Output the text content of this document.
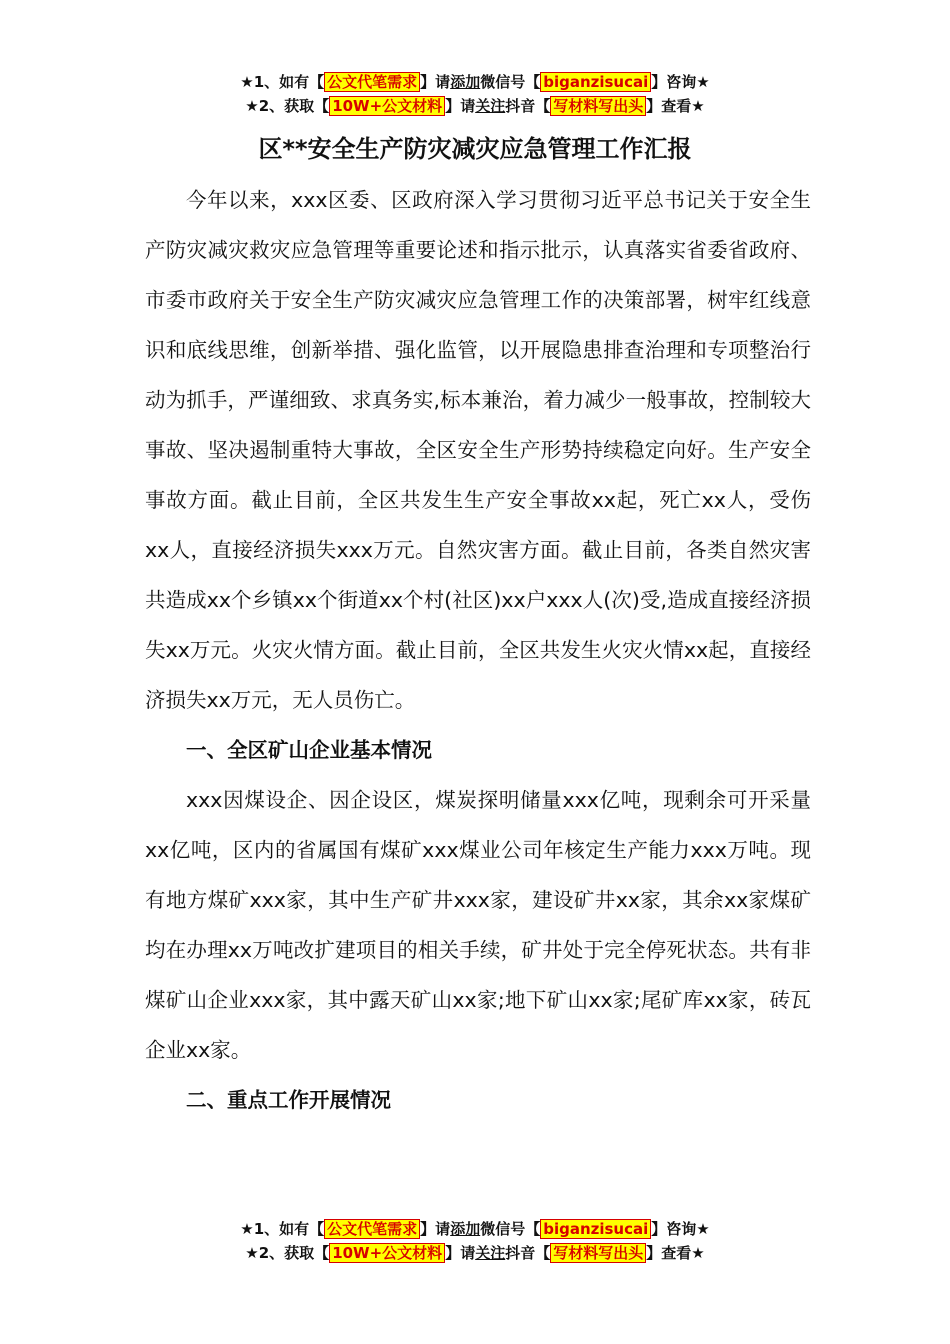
★1、如有【 公文代笔需求 】请添加微信号【 biganzisucai 】咨询★
★2、获取【 10W+公文材料 】请关注抖音【 写材料写出头 】查看★
区**安全生产防灾减灾应急管理工作汇报

今年以来，xxx区委、区政府深入学习贯彻习近平总书记关于安全生产防灾减灾救灾应急管理等重要论述和指示批示，认真落实省委省政府、市委市政府关于安全生产防灾减灾应急管理工作的决策部署，树牢红线意识和底线思维，创新举措、强化监管，以开展隐患排查治理和专项整治行动为抓手，严谨细致、求真务实,标本兼治，着力减少一般事故，控制较大事故、坚决遏制重特大事故，全区安全生产形势持续稳定向好。生产安全事故方面。截止目前，全区共发生生产安全事故xx起，死亡xx人，受伤xx人，直接经济损失xxx万元。自然灾害方面。截止目前，各类自然灾害共造成xx个乡镇xx个街道xx个村(社区)xx户xxx人(次)受,造成直接经济损失xx万元。火灾火情方面。截止目前，全区共发生火灾火情xx起，直接经济损失xx万元，无人员伤亡。

一、全区矿山企业基本情况

xxx因煤设企、因企设区，煤炭探明储量xxx亿吨，现剩余可开采量xx亿吨，区内的省属国有煤矿xxx煤业公司年核定生产能力xxx万吨。现有地方煤矿xxx家，其中生产矿井xxx家，建设矿井xx家，其余xx家煤矿均在办理xx万吨改扩建项目的相关手续，矿井处于完全停死状态。共有非煤矿山企业xxx家，其中露天矿山xx家;地下矿山xx家;尾矿库xx家，砖瓦企业xx家。

二、重点工作开展情况
★1、如有【 公文代笔需求 】请添加微信号【 biganzisucai 】咨询★
★2、获取【 10W+公文材料 】请关注抖音【 写材料写出头 】查看★
